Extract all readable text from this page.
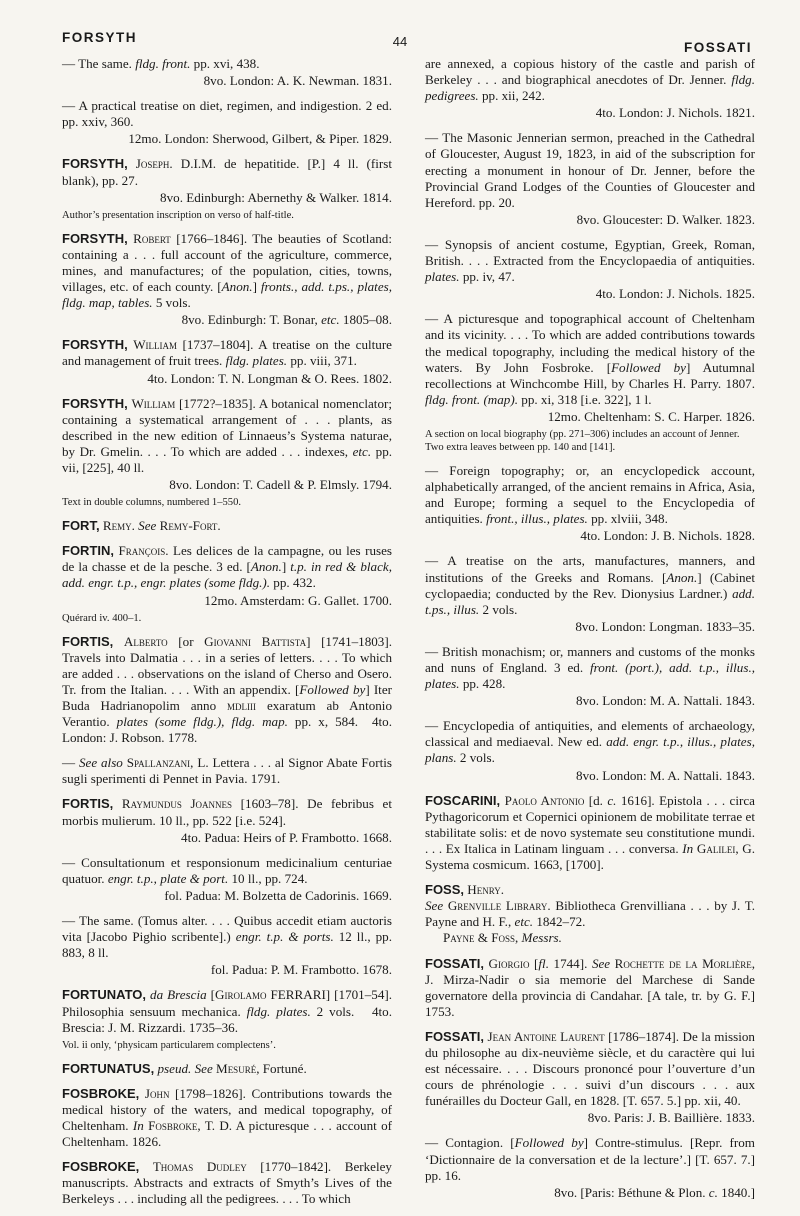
FORSYTH	44	FOSSATI

— The same. fldg. front. pp. xvi, 438.

8vo. London: A. K. Newman. 1831.

— A practical treatise on diet, regimen, and indigestion. 2 ed. pp. xxiv, 360.

12mo. London: Sherwood, Gilbert, & Piper. 1829.

FORSYTH, Joseph. D.I.M. de hepatitide. [P.] 4 ll. (first blank), pp. 27.

8vo. Edinburgh: Abernethy & Walker. 1814.

Author’s presentation inscription on verso of half-title.

FORSYTH, Robert [1766–1846]. The beauties of Scotland: containing a . . . full account of the agriculture, commerce, mines, and manufactures; of the population, cities, towns, villages, etc. of each county. [Anon.] fronts., add. t.ps., plates, fldg. map, tables. 5 vols.

8vo. Edinburgh: T. Bonar, etc. 1805–08.

FORSYTH, William [1737–1804]. A treatise on the culture and management of fruit trees. fldg. plates. pp. viii, 371.

4to. London: T. N. Longman & O. Rees. 1802.

FORSYTH, William [1772?–1835]. A botanical nomenclator; containing a systematical arrangement of . . . plants, as described in the new edition of Linnaeus’s Systema naturae, by Dr. Gmelin. . . . To which are added . . . indexes, etc. pp. vii, [225], 40 ll.

8vo. London: T. Cadell & P. Elmsly. 1794.

Text in double columns, numbered 1–550.

FORT, Remy. See Remy-Fort.

FORTIN, François. Les delices de la campagne, ou les ruses de la chasse et de la pesche. 3 ed. [Anon.] t.p. in red & black, add. engr. t.p., engr. plates (some fldg.). pp. 432.

12mo. Amsterdam: G. Gallet. 1700.

Quérard iv. 400–1.

FORTIS, Alberto [or Giovanni Battista] [1741–1803]. Travels into Dalmatia . . . in a series of letters. . . . To which are added . . . observations on the island of Cherso and Osero. Tr. from the Italian. . . . With an appendix. [Followed by] Iter Buda Hadrianopolim anno mdliii exaratum ab Antonio Verantio. plates (some fldg.), fldg. map. pp. x, 584.  4to. London: J. Robson. 1778.

— See also Spallanzani, L. Lettera . . . al Signor Abate Fortis sugli sperimenti di Pennet in Pavia. 1791.

FORTIS, Raymundus Joannes [1603–78]. De febribus et morbis mulierum. 10 ll., pp. 522 [i.e. 524].

4to. Padua: Heirs of P. Frambotto. 1668.

— Consultationum et responsionum medicinalium centuriae quatuor. engr. t.p., plate & port. 10 ll., pp. 724.

fol. Padua: M. Bolzetta de Cadorinis. 1669.

— The same. (Tomus alter. . . . Quibus accedit etiam auctoris vita [Jacobo Pighio scribente].) engr. t.p. & ports. 12 ll., pp. 883, 8 ll.

fol. Padua: P. M. Frambotto. 1678.

FORTUNATO, da Brescia [Girolamo FERRARI] [1701–54]. Philosophia sensuum mechanica. fldg. plates. 2 vols.   4to. Brescia: J. M. Rizzardi. 1735–36.

Vol. ii only, ‘physicam particularem complectens’.

FORTUNATUS, pseud. See Mesuré, Fortuné.

FOSBROKE, John [1798–1826]. Contributions towards the medical history of the waters, and medical topography, of Cheltenham. In Fosbroke, T. D. A picturesque . . . account of Cheltenham. 1826.

FOSBROKE, Thomas Dudley [1770–1842]. Berkeley manuscripts. Abstracts and extracts of Smyth’s Lives of the Berkeleys . . . including all the pedigrees. . . . To which

are annexed, a copious history of the castle and parish of Berkeley . . . and biographical anecdotes of Dr. Jenner. fldg. pedigrees. pp. xii, 242.

4to. London: J. Nichols. 1821.

— The Masonic Jennerian sermon, preached in the Cathedral of Gloucester, August 19, 1823, in aid of the subscription for erecting a monument in honour of Dr. Jenner, before the Provincial Grand Lodges of the Counties of Gloucester and Hereford. pp. 20.

8vo. Gloucester: D. Walker. 1823.

— Synopsis of ancient costume, Egyptian, Greek, Roman, British. . . . Extracted from the Encyclopaedia of antiquities. plates. pp. iv, 47.

4to. London: J. Nichols. 1825.

— A picturesque and topographical account of Cheltenham and its vicinity. . . . To which are added contributions towards the medical topography, including the medical history of the waters. By John Fosbroke. [Followed by] Autumnal recollections at Winchcombe Hill, by Charles H. Parry. 1807. fldg. front. (map). pp. xi, 318 [i.e. 322], 1 l.

12mo. Cheltenham: S. C. Harper. 1826.

A section on local biography (pp. 271–306) includes an account of Jenner. Two extra leaves between pp. 140 and [141].

— Foreign topography; or, an encyclopedick account, alphabetically arranged, of the ancient remains in Africa, Asia, and Europe; forming a sequel to the Encyclopedia of antiquities. front., illus., plates. pp. xlviii, 348.

4to. London: J. B. Nichols. 1828.

— A treatise on the arts, manufactures, manners, and institutions of the Greeks and Romans. [Anon.] (Cabinet cyclopaedia; conducted by the Rev. Dionysius Lardner.) add. t.ps., illus. 2 vols.

8vo. London: Longman. 1833–35.

— British monachism; or, manners and customs of the monks and nuns of England. 3 ed. front. (port.), add. t.p., illus., plates. pp. 428.

8vo. London: M. A. Nattali. 1843.

— Encyclopedia of antiquities, and elements of archaeology, classical and mediaeval. New ed. add. engr. t.p., illus., plates, plans. 2 vols.

8vo. London: M. A. Nattali. 1843.

FOSCARINI, Paolo Antonio [d. c. 1616]. Epistola . . . circa Pythagoricorum et Copernici opinionem de mobilitate terrae et stabilitate solis: et de novo systemate seu constitutione mundi. . . . Ex Italica in Latinam linguam . . . conversa. In Galilei, G. Systema cosmicum. 1663, [1700].

FOSS, Henry.
See Grenville Library. Bibliotheca Grenvilliana . . . by J. T. Payne and H. F., etc. 1842–72.
Payne & Foss, Messrs.

FOSSATI, Giorgio [fl. 1744]. See Rochette de la Morlière, J. Mirza-Nadir o sia memorie del Marchese di Sande governatore della provincia di Candahar. [A tale, tr. by G. F.] 1753.

FOSSATI, Jean Antoine Laurent [1786–1874]. De la mission du philosophe au dix-neuvième siècle, et du caractère qui lui est nécessaire. . . . Discours prononcé pour l’ouverture d’un cours de phrénologie . . . suivi d’un discours . . . aux funérailles du Docteur Gall, en 1828. [T. 657. 5.] pp. xii, 40.

8vo. Paris: J. B. Baillière. 1833.

— Contagion. [Followed by] Contre-stimulus. [Repr. from ‘Dictionnaire de la conversation et de la lecture’.] [T. 657. 7.] pp. 16.

8vo. [Paris: Béthune & Plon. c. 1840.]
